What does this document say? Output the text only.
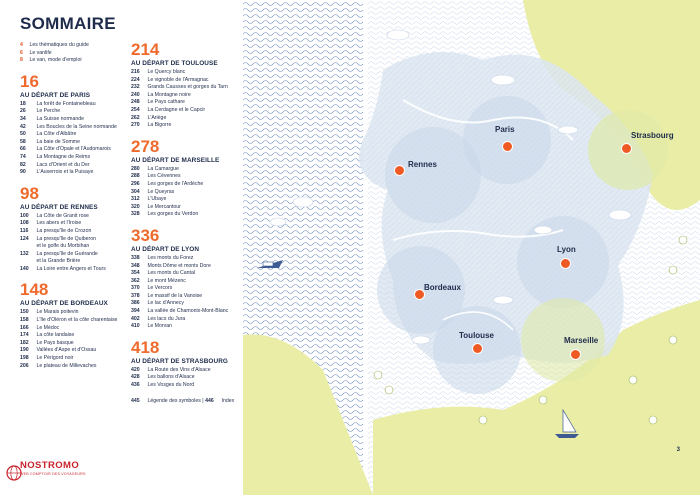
SOMMAIRE
4 Les thématiques du guide
6 Le vanlife
8 Le van, mode d'emploi
16
AU DÉPART DE PARIS
18 La forêt de Fontainebleau
26 Le Perche
34 La Suisse normande
42 Les Boucles de la Seine normande
50 La Côte d'Albâtre
58 La baie de Somme
66 La Côte d'Opale et l'Audomarois
74 La Montagne de Reims
82 Lacs d'Orient et du Der
90 L'Auxerrois et la Puisaye
98
AU DÉPART DE RENNES
100 La Côte de Granit rose
108 Les abers et l'Iroise
116 La presqu'île de Crozon
124 La presqu'île de Quiberon
et le golfe du Morbihan
132 La presqu'île de Guérande
et la Grande Brière
140 La Loire entre Angers et Tours
148
AU DÉPART DE BORDEAUX
150 Le Marais poitevin
158 L'île d'Oléron et la côte charentaise
166 Le Médoc
174 La côte landaise
182 Le Pays basque
190 Vallées d'Aspe et d'Ossau
198 Le Périgord noir
206 Le plateau de Millevaches
214
AU DÉPART DE TOULOUSE
216 Le Quercy blanc
224 Le vignoble de l'Armagnac
232 Grands Causses et gorges du Tarn
240 La Montagne noire
248 Le Pays cathare
254 La Cerdagne et le Capcir
262 L'Ariège
270 La Bigorre
278
AU DÉPART DE MARSEILLE
280 La Camargue
288 Les Cévennes
296 Les gorges de l'Ardèche
304 Le Queyras
312 L'Ubaye
320 Le Mercantour
328 Les gorges du Verdon
336
AU DÉPART DE LYON
338 Les monts du Forez
348 Monts Dôme et monts Dore
354 Les monts du Cantal
362 Le mont Mézenc
370 Le Vercors
378 Le massif de la Vanoise
386 Le lac d'Annecy
394 La vallée de Chamonix-Mont-Blanc
402 Les lacs du Jura
410 Le Morvan
418
AU DÉPART DE STRASBOURG
420 La Route des Vins d'Alsace
428 Les ballons d'Alsace
436 Les Vosges du Nord
445 Légende des symboles | 446 Index
Paris
Strasbourg
Rennes
Lyon
Bordeaux
Toulouse
Marseille
3
NOSTROMO
WEB COMPTOIR DES VOYAGEURS
